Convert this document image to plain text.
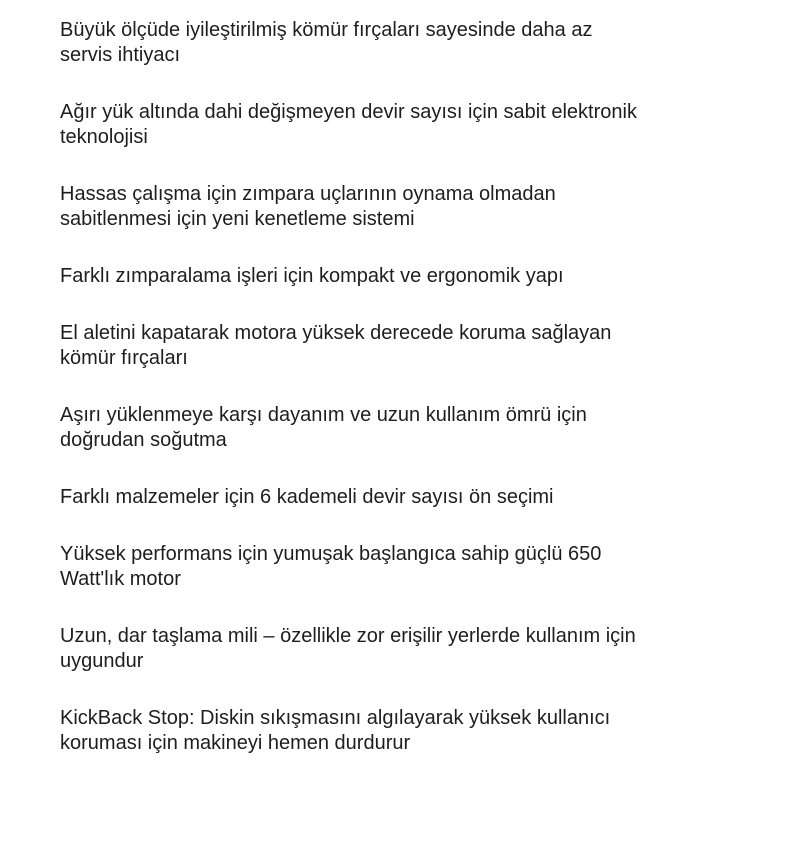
Büyük ölçüde iyileştirilmiş kömür fırçaları sayesinde daha az
servis ihtiyacı
Ağır yük altında dahi değişmeyen devir sayısı için sabit elektronik
teknolojisi
Hassas çalışma için zımpara uçlarının oynama olmadan
sabitlenmesi için yeni kenetleme sistemi
Farklı zımparalama işleri için kompakt ve ergonomik yapı
El aletini kapatarak motora yüksek derecede koruma sağlayan
kömür fırçaları
Aşırı yüklenmeye karşı dayanım ve uzun kullanım ömrü için
doğrudan soğutma
Farklı malzemeler için 6 kademeli devir sayısı ön seçimi
Yüksek performans için yumuşak başlangıca sahip güçlü 650
Watt'lık motor
Uzun, dar taşlama mili – özellikle zor erişilir yerlerde kullanım için
uygundur
KickBack Stop: Diskin sıkışmasını algılayarak yüksek kullanıcı
koruması için makineyi hemen durdurur
